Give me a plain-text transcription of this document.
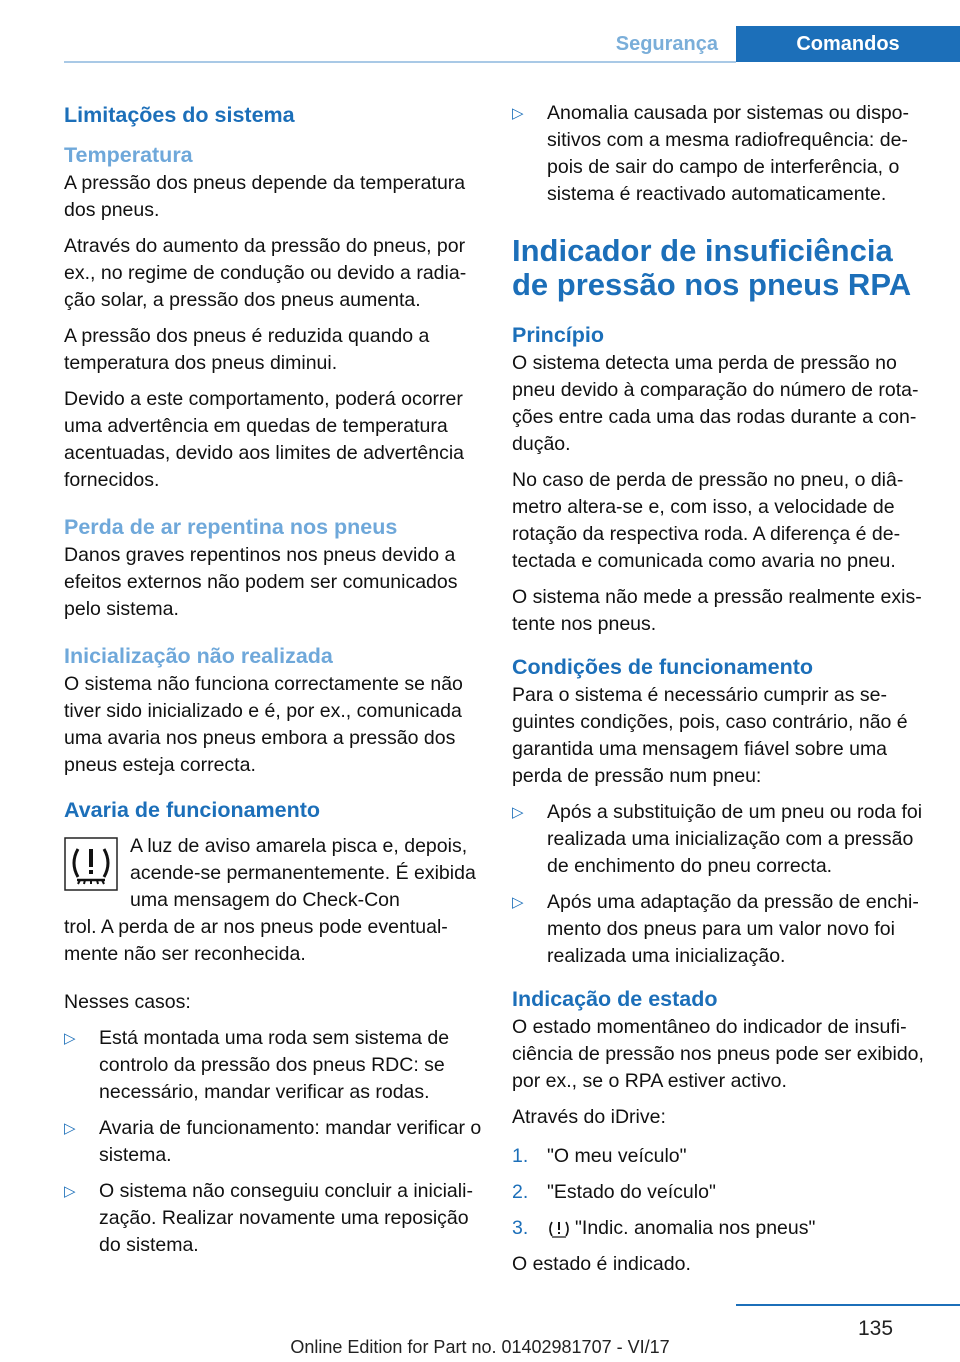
Segurança	Comandos
Limitações do sistema
Temperatura

A pressão dos pneus depende da temperatura dos pneus.

Através do aumento da pressão do pneus, por ex., no regime de condução ou devido a radiação solar, a pressão dos pneus aumenta.

A pressão dos pneus é reduzida quando a temperatura dos pneus diminui.

Devido a este comportamento, poderá ocorrer uma advertência em quedas de temperatura acentuadas, devido aos limites de advertência fornecidos.

Perda de ar repentina nos pneus

Danos graves repentinos nos pneus devido a efeitos externos não podem ser comunicados pelo sistema.

Inicialização não realizada

O sistema não funciona correctamente se não tiver sido inicializado e é, por ex., comunicada uma avaria nos pneus embora a pressão dos pneus esteja correcta.

Avaria de funcionamento

A luz de aviso amarela pisca e, depois, acende-se permanentemente. É exibida uma mensagem do Check-Con

trol. A perda de ar nos pneus pode eventualmente não ser reconhecida.

Nesses casos:

▷ Está montada uma roda sem sistema de controlo da pressão dos pneus RDC: se necessário, mandar verificar as rodas.
▷ Avaria de funcionamento: mandar verificar o sistema.
▷ O sistema não conseguiu concluir a inicialização. Realizar novamente uma reposição do sistema.
▷ Anomalia causada por sistemas ou dispositivos com a mesma radiofrequência: depois de sair do campo de interferência, o sistema é reactivado automaticamente.
Indicador de insuficiência de pressão nos pneus RPA
Princípio

O sistema detecta uma perda de pressão no pneu devido à comparação do número de rotações entre cada uma das rodas durante a condução.

No caso de perda de pressão no pneu, o diâmetro altera-se e, com isso, a velocidade de rotação da respectiva roda. A diferença é detectada e comunicada como avaria no pneu.

O sistema não mede a pressão realmente existente nos pneus.

Condições de funcionamento

Para o sistema é necessário cumprir as seguintes condições, pois, caso contrário, não é garantida uma mensagem fiável sobre uma perda de pressão num pneu:

▷ Após a substituição de um pneu ou roda foi realizada uma inicialização com a pressão de enchimento do pneu correcta.
▷ Após uma adaptação da pressão de enchimento dos pneus para um valor novo foi realizada uma inicialização.
Indicação de estado

O estado momentâneo do indicador de insuficiência de pressão nos pneus pode ser exibido, por ex., se o RPA estiver activo.

Através do iDrive:

1. "O meu veículo"
2. "Estado do veículo"
3. "Indic. anomalia nos pneus"

O estado é indicado.

135
Online Edition for Part no. 01402981707 - VI/17
